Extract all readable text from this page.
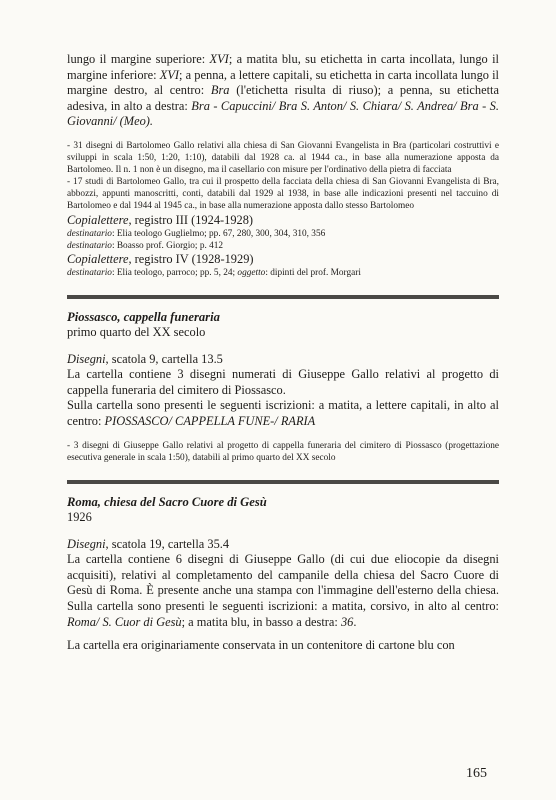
lungo il margine superiore: XVI; a matita blu, su etichetta in carta incollata, lungo il margine inferiore: XVI; a penna, a lettere capitali, su etichetta in carta incollata lungo il margine destro, al centro: Bra (l'etichetta risulta di riuso); a penna, su etichetta adesiva, in alto a destra: Bra - Capuccini/ Bra S. Anton/ S. Chiara/ S. Andrea/ Bra - S. Giovanni/ (Meo).

- 31 disegni di Bartolomeo Gallo relativi alla chiesa di San Giovanni Evangelista in Bra (particolari costruttivi e sviluppi in scala 1:50, 1:20, 1:10), databili dal 1928 ca. al 1944 ca., in base alla numerazione apposta da Bartolomeo. Il n. 1 non è un disegno, ma il casellario con misure per l'ordinativo della pietra di facciata

- 17 studi di Bartolomeo Gallo, tra cui il prospetto della facciata della chiesa di San Giovanni Evangelista di Bra, abbozzi, appunti manoscritti, conti, databili dal 1929 al 1938, in base alle indicazioni presenti nel taccuino di Bartolomeo e dal 1944 al 1945 ca., in base alla numerazione apposta dallo stesso Bartolomeo

Copialettere, registro III (1924-1928)

destinatario: Elia teologo Guglielmo; pp. 67, 280, 300, 304, 310, 356

destinatario: Boasso prof. Giorgio; p. 412

Copialettere, registro IV (1928-1929)

destinatario: Elia teologo, parroco; pp. 5, 24; oggetto: dipinti del prof. Morgari

Piossasco, cappella funeraria

primo quarto del XX secolo

Disegni, scatola 9, cartella 13.5

La cartella contiene 3 disegni numerati di Giuseppe Gallo relativi al progetto di cappella funeraria del cimitero di Piossasco.

Sulla cartella sono presenti le seguenti iscrizioni: a matita, a lettere capitali, in alto al centro: PIOSSASCO/ CAPPELLA FUNE-/ RARIA

- 3 disegni di Giuseppe Gallo relativi al progetto di cappella funeraria del cimitero di Piossasco (progettazione esecutiva generale in scala 1:50), databili al primo quarto del XX secolo

Roma, chiesa del Sacro Cuore di Gesù

1926

Disegni, scatola 19, cartella 35.4

La cartella contiene 6 disegni di Giuseppe Gallo (di cui due eliocopie da disegni acquisiti), relativi al completamento del campanile della chiesa del Sacro Cuore di Gesù di Roma. È presente anche una stampa con l'immagine dell'esterno della chiesa. Sulla cartella sono presenti le seguenti iscrizioni: a matita, corsivo, in alto al centro: Roma/ S. Cuor di Gesù; a matita blu, in basso a destra: 36.

La cartella era originariamente conservata in un contenitore di cartone blu con

165
